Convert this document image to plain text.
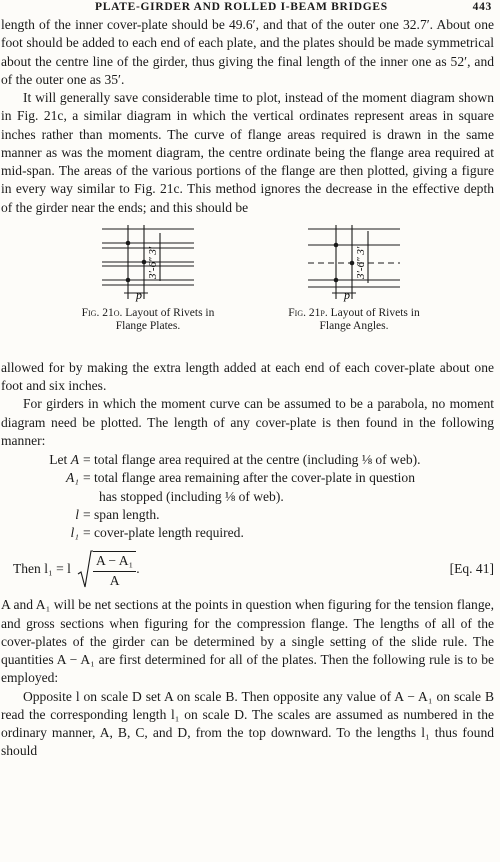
PLATE-GIRDER AND ROLLED I-BEAM BRIDGES	443

length of the inner cover-plate should be 49.6′, and that of the outer one 32.7′. About one foot should be added to each end of each plate, and the plates should be made symmetrical about the centre line of the girder, thus giving the final length of the inner one as 52′, and of the outer one as 35′.

It will generally save considerable time to plot, instead of the moment diagram shown in Fig. 21c, a similar diagram in which the vertical ordinates represent areas in square inches rather than moments. The curve of flange areas required is drawn in the same manner as was the moment diagram, the centre ordinate being the flange area required at mid-span. The areas of the various portions of the flange are then plotted, giving a figure in every way similar to Fig. 21c. This method ignores the decrease in the effective depth of the girder near the ends; and this should be

p
3′-6″ 3′
Fig. 21o. Layout of Rivets in
Flange Plates.
p
3′-6″ 3′
Fig. 21p. Layout of Rivets in
Flange Angles.

allowed for by making the extra length added at each end of each cover-plate about one foot and six inches.

For girders in which the moment curve can be assumed to be a parabola, no moment diagram need be plotted. The length of any cover-plate is then found in the following manner:

Let A = total flange area required at the centre (including ⅛ of web).
A₁ = total flange area remaining after the cover-plate in question
has stopped (including ⅛ of web).
l = span length.
l₁ = cover-plate length required.
Then l₁ = l $\frac{\text{A − A₁}}{A}$ .	[Eq. 41]

A and A₁ will be net sections at the points in question when figuring for the tension flange, and gross sections when figuring for the compression flange. The lengths of all of the cover-plates of the girder can be determined by a single setting of the slide rule. The quantities A − A₁ are first determined for all of the plates. Then the following rule is to be employed:

Opposite l on scale D set A on scale B. Then opposite any value of A − A₁ on scale B read the corresponding length l₁ on scale D. The scales are assumed as numbered in the ordinary manner, A, B, C, and D, from the top downward. To the lengths l₁ thus found should
